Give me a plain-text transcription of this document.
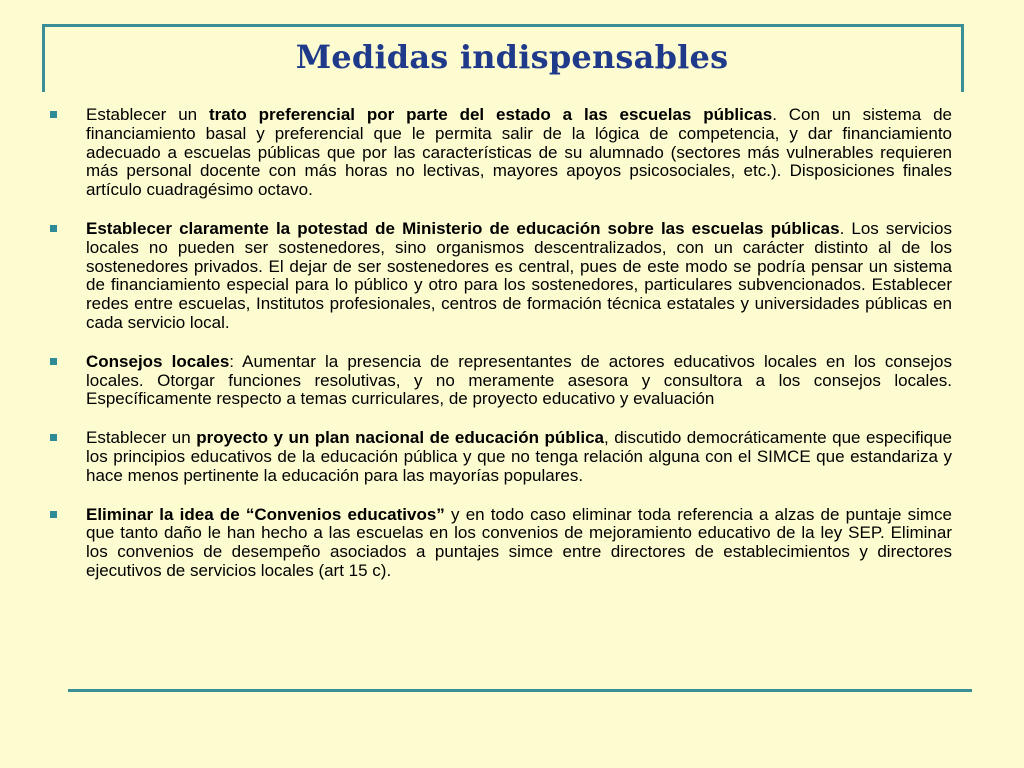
Medidas indispensables
Establecer un trato preferencial por parte del estado a las escuelas públicas. Con un sistema de financiamiento basal y preferencial que le permita salir de la lógica de competencia, y dar financiamiento adecuado a escuelas públicas que por las características de su alumnado (sectores más vulnerables requieren más personal docente con más horas no lectivas, mayores apoyos psicosociales, etc.). Disposiciones finales artículo cuadragésimo octavo.
Establecer claramente la potestad de Ministerio de educación sobre las escuelas públicas. Los servicios locales no pueden ser sostenedores, sino organismos descentralizados, con un carácter distinto al de los sostenedores privados. El dejar de ser sostenedores es central, pues de este modo se podría pensar un sistema de financiamiento especial para lo público y otro para los sostenedores, particulares subvencionados. Establecer redes entre escuelas, Institutos profesionales, centros de formación técnica estatales y universidades públicas en cada servicio local.
Consejos locales: Aumentar la presencia de representantes de actores educativos locales en los consejos locales. Otorgar funciones resolutivas, y no meramente asesora y consultora a los consejos locales. Específicamente respecto a temas curriculares, de proyecto educativo y evaluación
Establecer un proyecto y un plan nacional de educación pública, discutido democráticamente que especifique los principios educativos de la educación pública y que no tenga relación alguna con el SIMCE que estandariza y hace menos pertinente la educación para las mayorías populares.
Eliminar la idea de “Convenios educativos” y en todo caso eliminar toda referencia a alzas de puntaje simce que tanto daño le han hecho a las escuelas en los convenios de mejoramiento educativo de la ley SEP. Eliminar los convenios de desempeño asociados a puntajes simce entre directores de establecimientos y directores ejecutivos de servicios locales (art 15 c).
